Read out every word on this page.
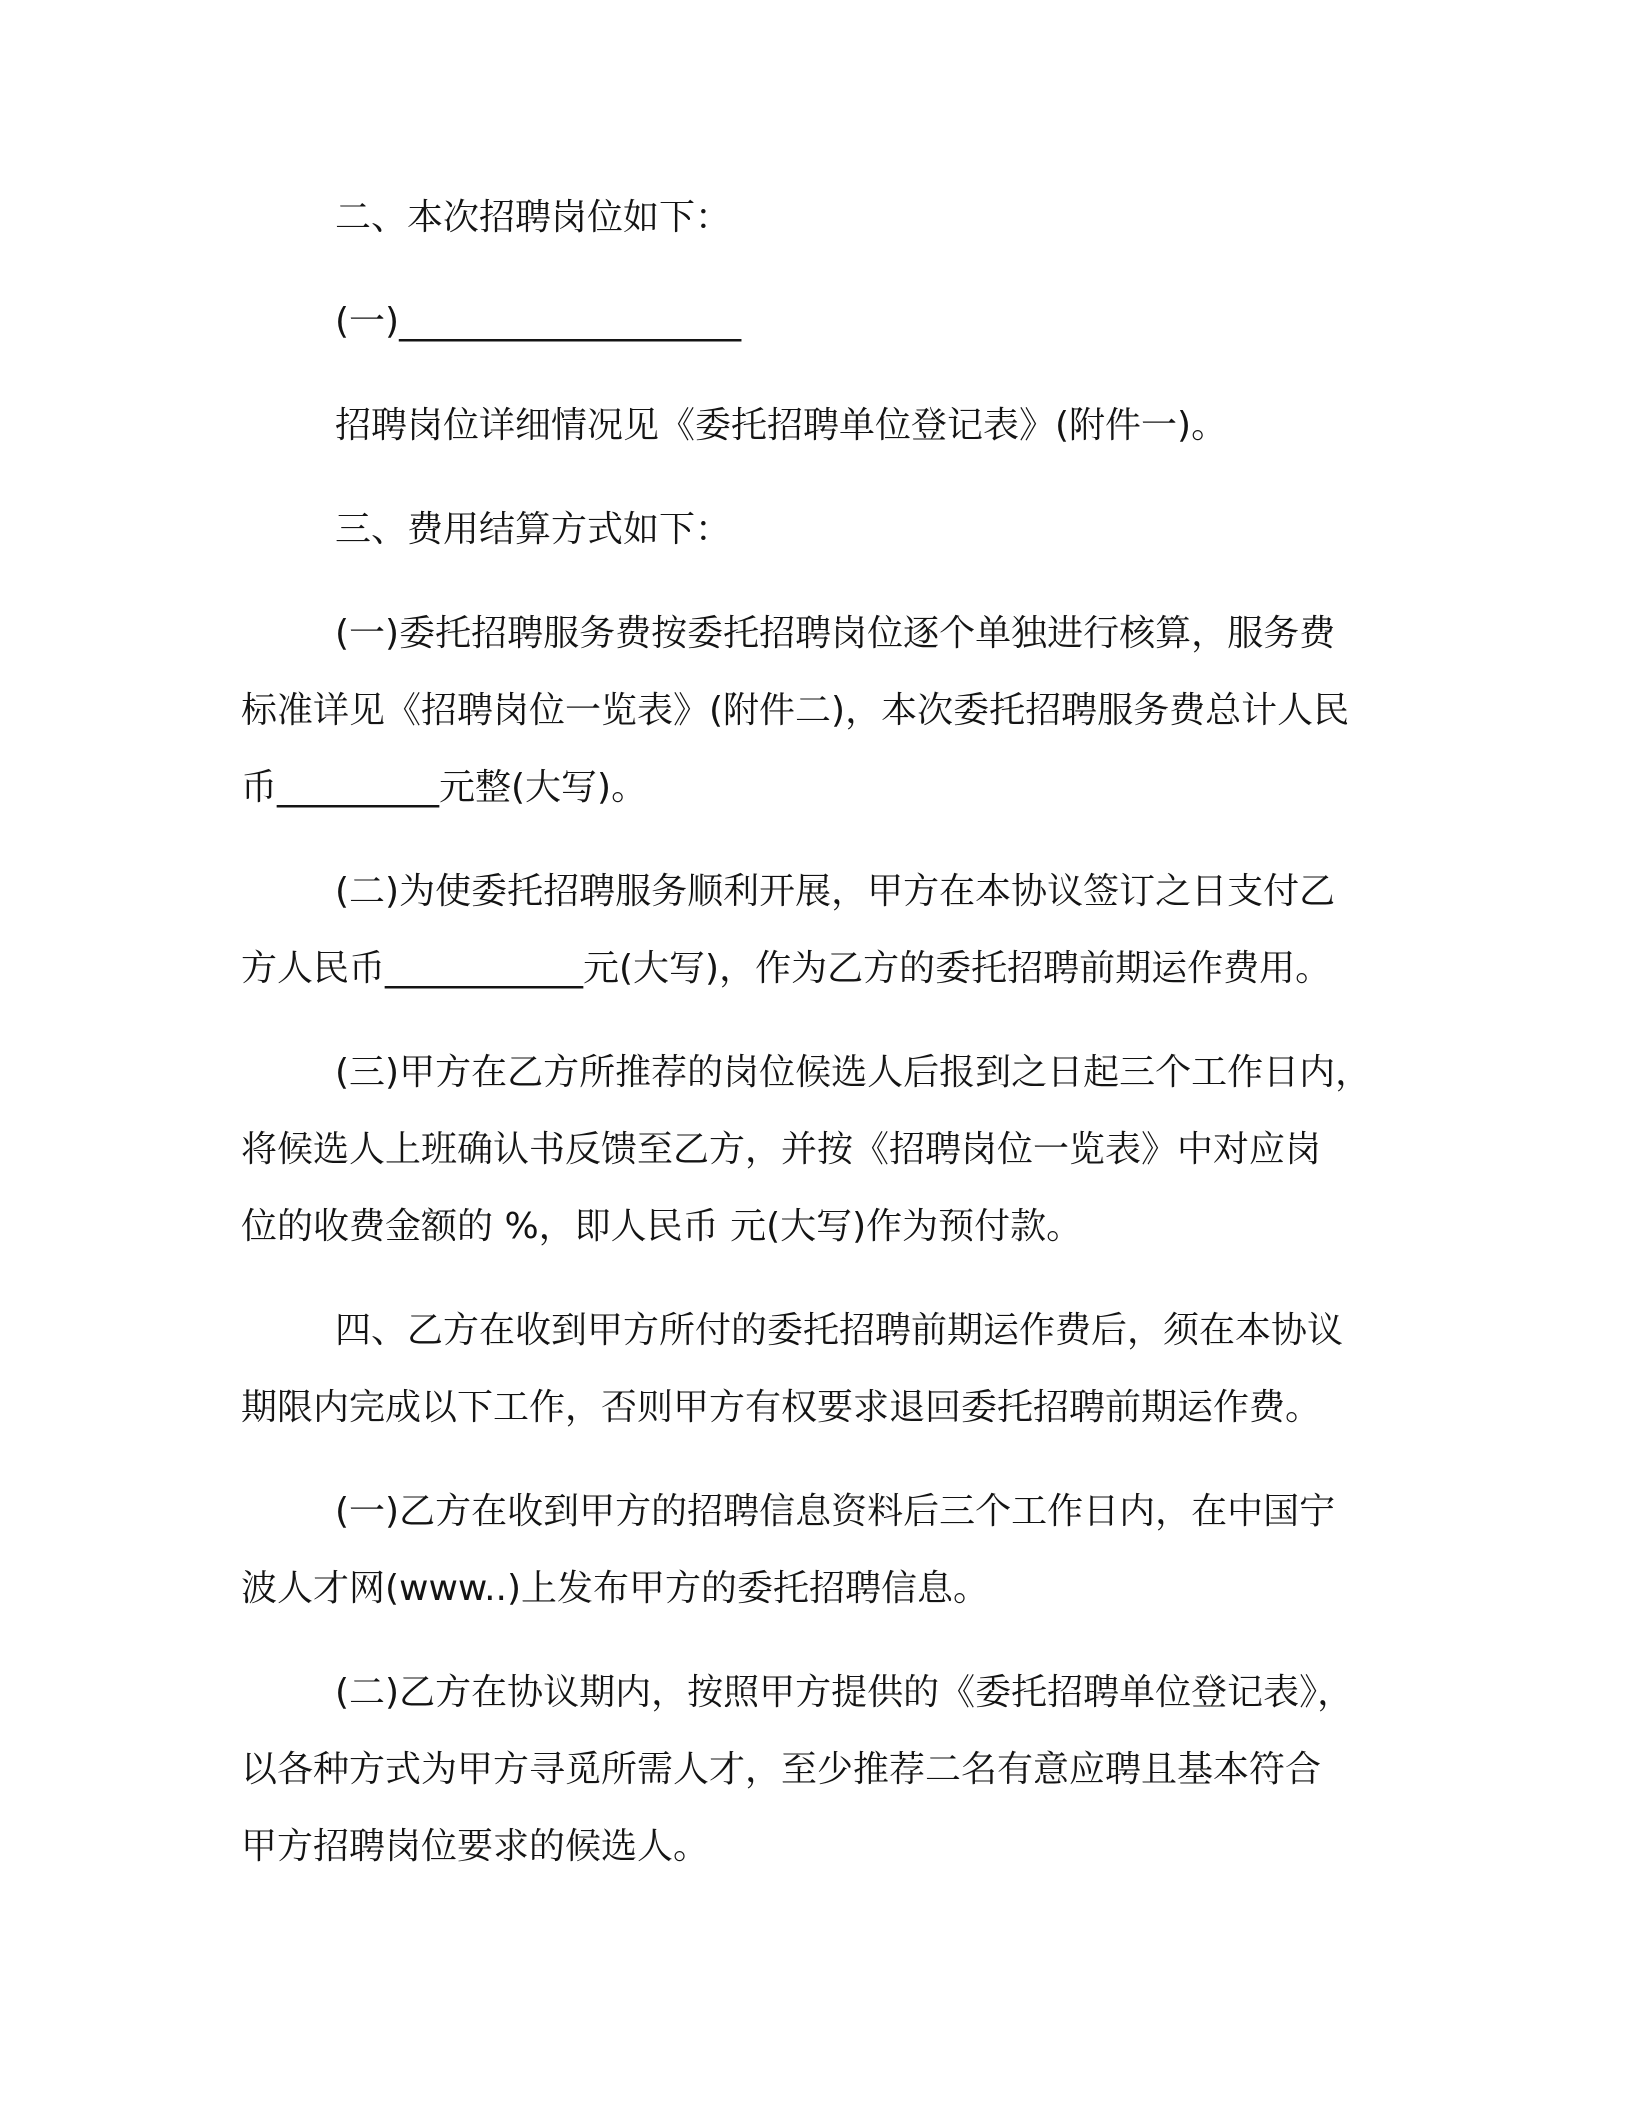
二、本次招聘岗位如下：
(一)___________________
招聘岗位详细情况见《委托招聘单位登记表》(附件一)。
三、费用结算方式如下：
(一)委托招聘服务费按委托招聘岗位逐个单独进行核算，服务费
标准详见《招聘岗位一览表》(附件二)，本次委托招聘服务费总计人民
币_________元整(大写)。
(二)为使委托招聘服务顺利开展，甲方在本协议签订之日支付乙
方人民币___________元(大写)，作为乙方的委托招聘前期运作费用。
(三)甲方在乙方所推荐的岗位候选人后报到之日起三个工作日内，
将候选人上班确认书反馈至乙方，并按《招聘岗位一览表》中对应岗
位的收费金额的 %，即人民币 元(大写)作为预付款。
四、乙方在收到甲方所付的委托招聘前期运作费后，须在本协议
期限内完成以下工作，否则甲方有权要求退回委托招聘前期运作费。
(一)乙方在收到甲方的招聘信息资料后三个工作日内，在中国宁
波人才网(www..)上发布甲方的委托招聘信息。
(二)乙方在协议期内，按照甲方提供的《委托招聘单位登记表》，
以各种方式为甲方寻觅所需人才，至少推荐二名有意应聘且基本符合
甲方招聘岗位要求的候选人。
